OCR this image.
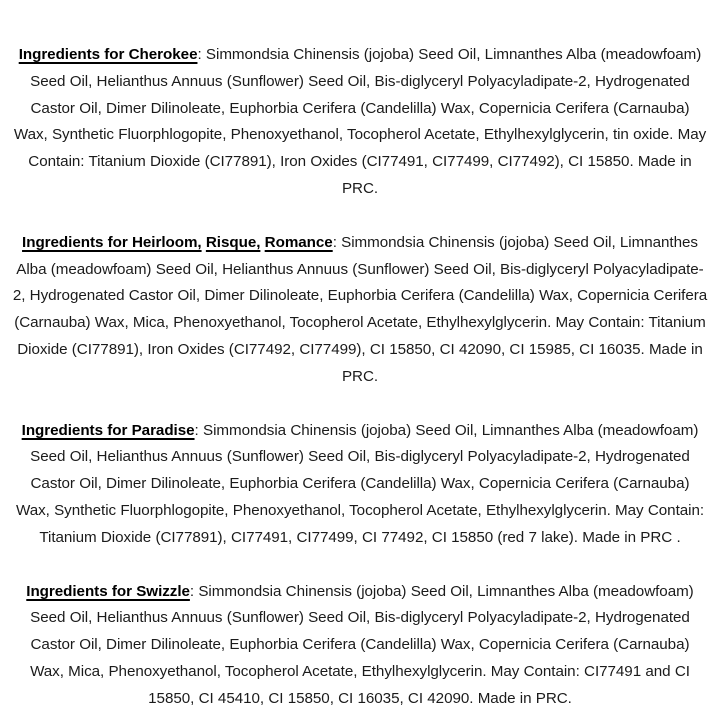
Ingredients for Cherokee: Simmondsia Chinensis (jojoba) Seed Oil, Limnanthes Alba (meadowfoam) Seed Oil, Helianthus Annuus (Sunflower) Seed Oil, Bis-diglyceryl Polyacyladipate-2, Hydrogenated Castor Oil, Dimer Dilinoleate, Euphorbia Cerifera (Candelilla) Wax, Copernicia Cerifera (Carnauba) Wax, Synthetic Fluorphlogopite, Phenoxyethanol, Tocopherol Acetate, Ethylhexylglycerin, tin oxide. May Contain: Titanium Dioxide (CI77891), Iron Oxides (CI77491, CI77499, CI77492), CI 15850. Made in PRC.

Ingredients for Heirloom, Risque, Romance: Simmondsia Chinensis (jojoba) Seed Oil, Limnanthes Alba (meadowfoam) Seed Oil, Helianthus Annuus (Sunflower) Seed Oil, Bis-diglyceryl Polyacyladipate-2, Hydrogenated Castor Oil, Dimer Dilinoleate, Euphorbia Cerifera (Candelilla) Wax, Copernicia Cerifera (Carnauba) Wax, Mica, Phenoxyethanol, Tocopherol Acetate, Ethylhexylglycerin. May Contain: Titanium Dioxide (CI77891), Iron Oxides (CI77492, CI77499), CI 15850, CI 42090, CI 15985, CI 16035. Made in PRC.

Ingredients for Paradise: Simmondsia Chinensis (jojoba) Seed Oil, Limnanthes Alba (meadowfoam) Seed Oil, Helianthus Annuus (Sunflower) Seed Oil, Bis-diglyceryl Polyacyladipate-2, Hydrogenated Castor Oil, Dimer Dilinoleate, Euphorbia Cerifera (Candelilla) Wax, Copernicia Cerifera (Carnauba) Wax, Synthetic Fluorphlogopite, Phenoxyethanol, Tocopherol Acetate, Ethylhexylglycerin. May Contain: Titanium Dioxide (CI77891), CI77491, CI77499, CI 77492, CI 15850 (red 7 lake). Made in PRC .

Ingredients for Swizzle: Simmondsia Chinensis (jojoba) Seed Oil, Limnanthes Alba (meadowfoam) Seed Oil, Helianthus Annuus (Sunflower) Seed Oil, Bis-diglyceryl Polyacyladipate-2, Hydrogenated Castor Oil, Dimer Dilinoleate, Euphorbia Cerifera (Candelilla) Wax, Copernicia Cerifera (Carnauba) Wax, Mica, Phenoxyethanol, Tocopherol Acetate, Ethylhexylglycerin. May Contain: CI77491 and CI 15850, CI 45410, CI 15850, CI 16035, CI 42090. Made in PRC.
